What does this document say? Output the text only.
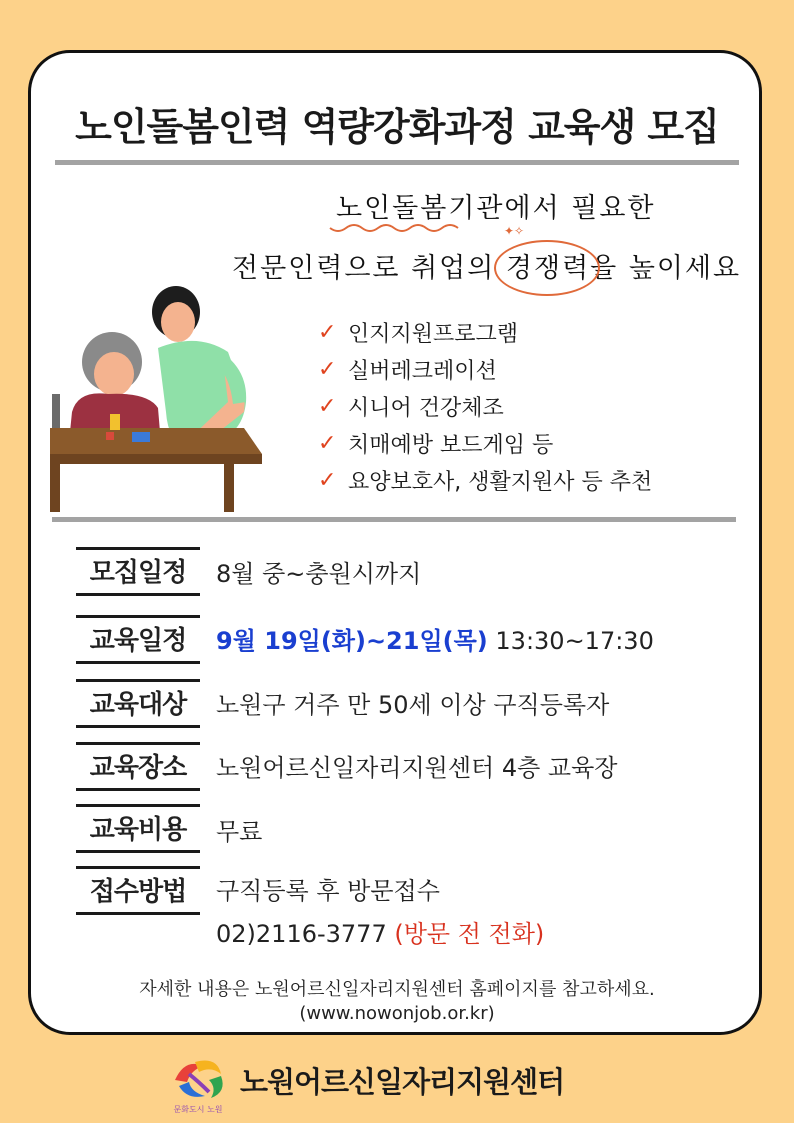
노인돌봄인력 역량강화과정 교육생 모집
노인돌봄기관에서 필요한
전문인력으로 취업의 경쟁력을 높이세요
✦✧
✓ 인지지원프로그램
✓ 실버레크레이션
✓ 시니어 건강체조
✓ 치매예방 보드게임 등
✓ 요양보호사, 생활지원사 등 추천
모집일정	8월 중~충원시까지
교육일정	9월 19일(화)~21일(목) 13:30~17:30
교육대상	노원구 거주 만 50세 이상 구직등록자
교육장소	노원어르신일자리지원센터 4층 교육장
교육비용	무료
접수방법	구직등록 후 방문접수
02)2116-3777 (방문 전 전화)
자세한 내용은 노원어르신일자리지원센터 홈페이지를 참고하세요.
(www.nowonjob.or.kr)
문화도시 노원
노원어르신일자리지원센터
